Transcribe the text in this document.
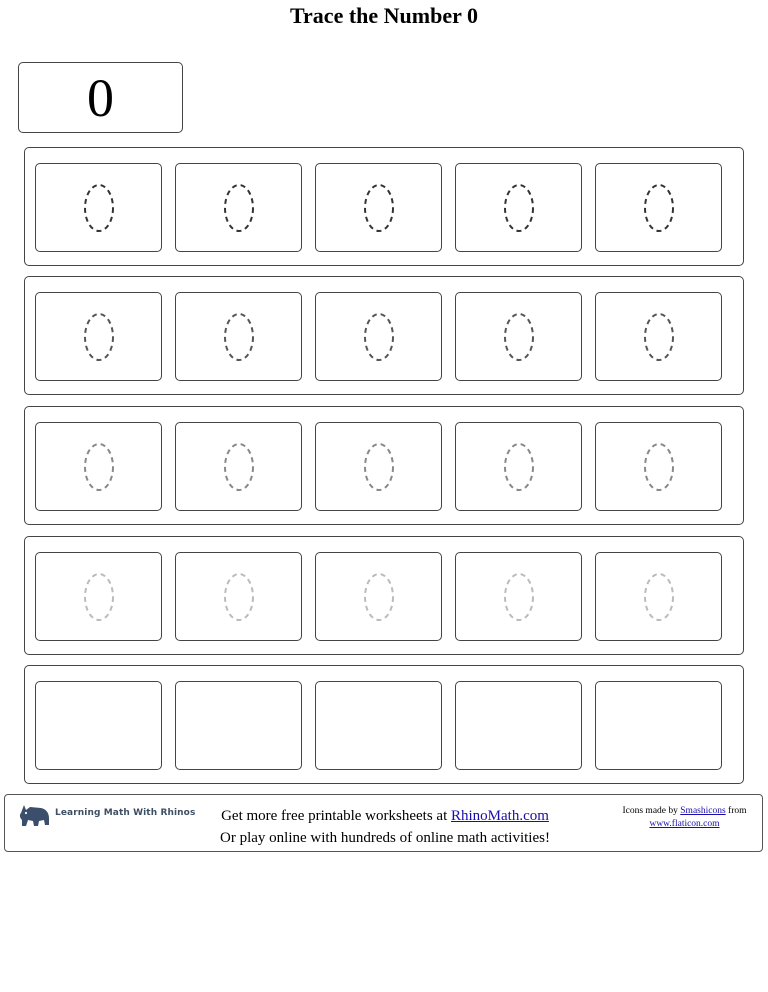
Trace the Number 0
0
Learning Math With Rhinos	Get more free printable worksheets at RhinoMath.com
Or play online with hundreds of online math activities!
Icons made by Smashicons from
www.flaticon.com
